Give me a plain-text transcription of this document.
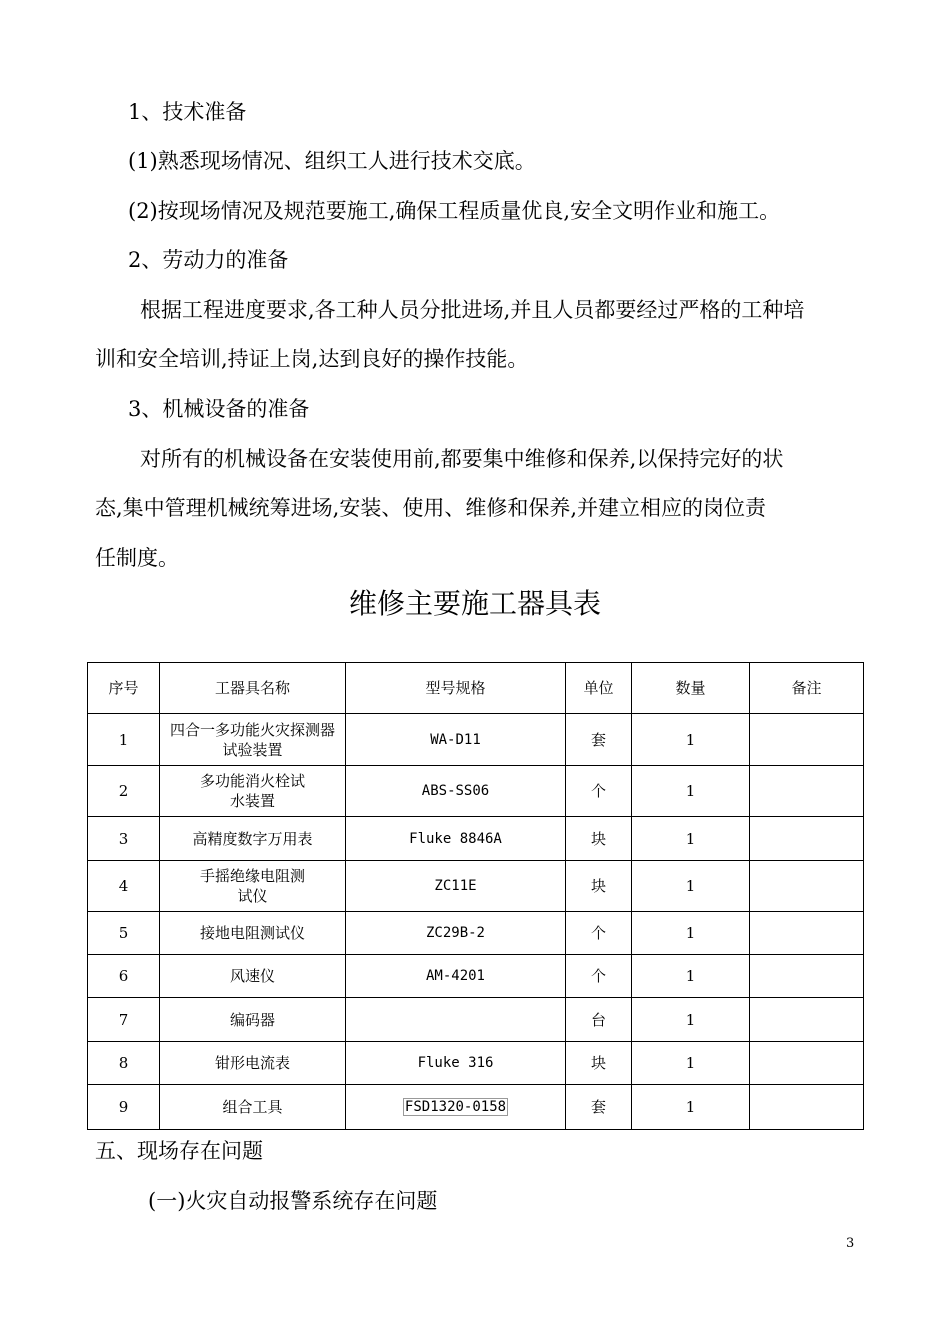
1、技术准备
(1)熟悉现场情况、组织工人进行技术交底。
(2)按现场情况及规范要施工,确保工程质量优良,安全文明作业和施工。
2、劳动力的准备
根据工程进度要求,各工种人员分批进场,并且人员都要经过严格的工种培
训和安全培训,持证上岗,达到良好的操作技能。
3、机械设备的准备
对所有的机械设备在安装使用前,都要集中维修和保养,以保持完好的状
态,集中管理机械统筹进场,安装、使用、维修和保养,并建立相应的岗位责
任制度。
维修主要施工器具表
序号	工器具名称	型号规格	单位	数量	备注
1	四合一多功能火灾探测器试验装置	WA-D11	套	1	
2	多功能消火栓试水装置	ABS-SS06	个	1	
3	高精度数字万用表	Fluke 8846A	块	1	
4	手摇绝缘电阻测试仪	ZC11E	块	1	
5	接地电阻测试仪	ZC29B-2	个	1	
6	风速仪	AM-4201	个	1	
7	编码器		台	1	
8	钳形电流表	Fluke 316	块	1	
9	组合工具	FSD1320-0158	套	1	
五、现场存在问题
(一)火灾自动报警系统存在问题
3
